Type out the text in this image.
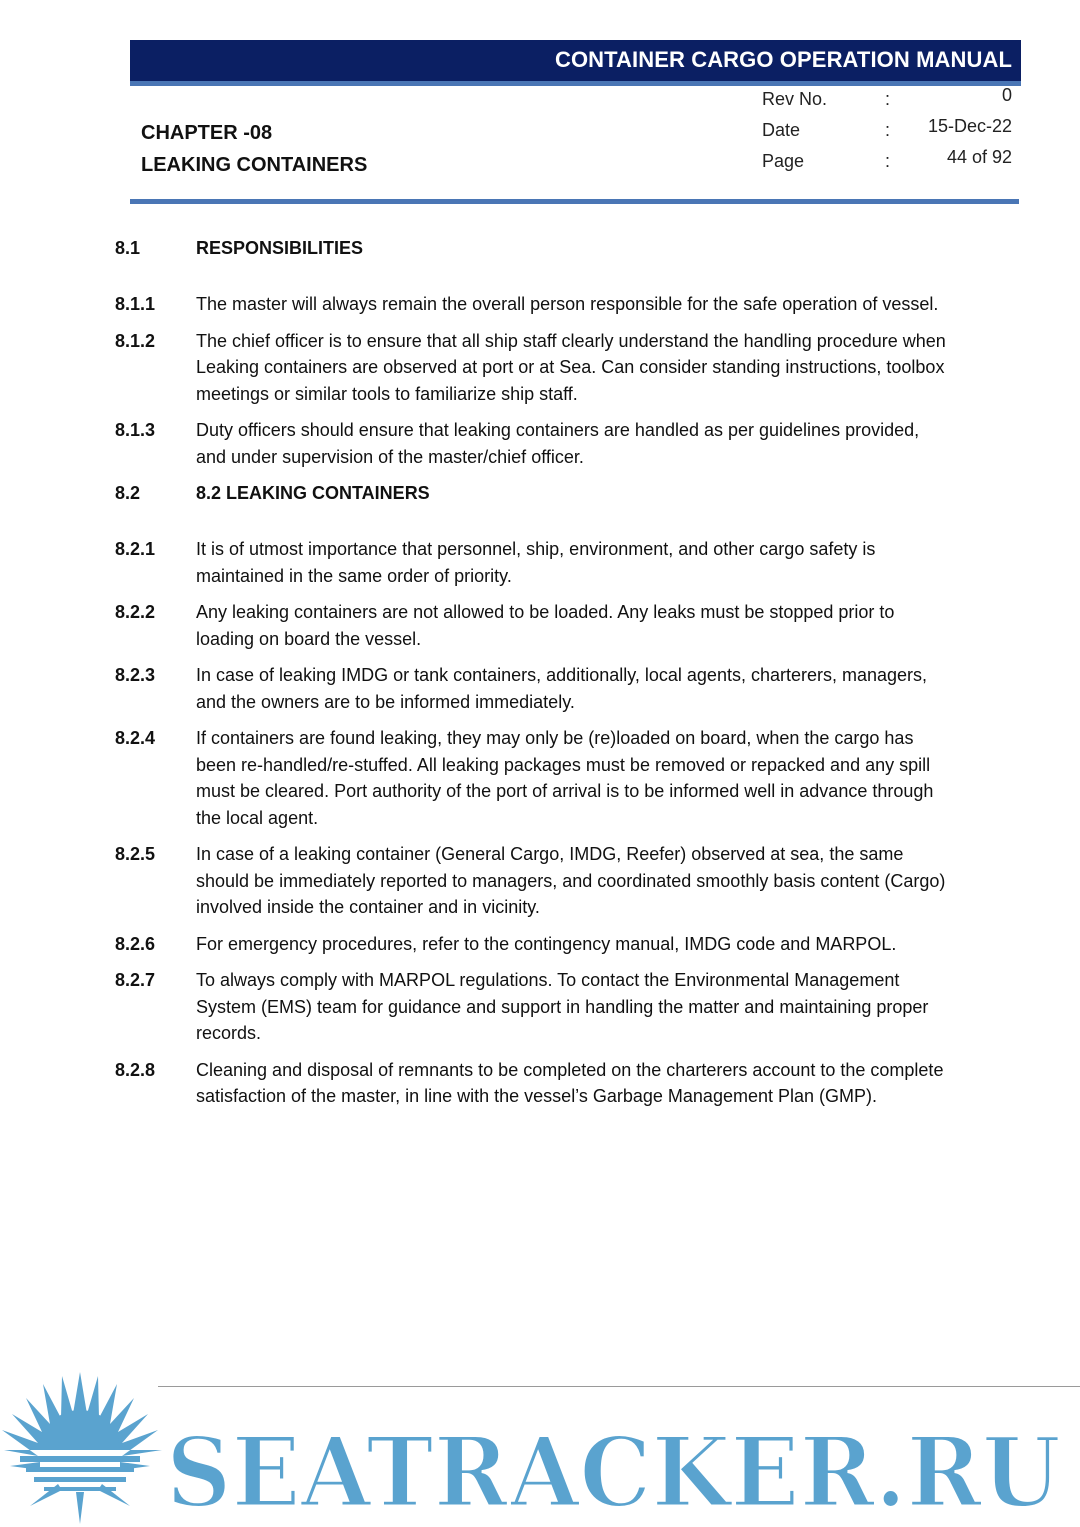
CONTAINER CARGO OPERATION MANUAL
CHAPTER -08
LEAKING CONTAINERS
Rev No.	:	0
Date	: 15-Dec-22
Page	:	44 of 92
8.1	RESPONSIBILITIES
8.1.1	The master will always remain the overall person responsible for the safe operation of vessel.
8.1.2	The chief officer is to ensure that all ship staff clearly understand the handling procedure when Leaking containers are observed at port or at Sea. Can consider standing instructions, toolbox meetings or similar tools to familiarize ship staff.
8.1.3	Duty officers should ensure that leaking containers are handled as per guidelines provided, and under supervision of the master/chief officer.
8.2	8.2 LEAKING CONTAINERS
8.2.1	It is of utmost importance that personnel, ship, environment, and other cargo safety is maintained in the same order of priority.
8.2.2	Any leaking containers are not allowed to be loaded. Any leaks must be stopped prior to loading on board the vessel.
8.2.3	In case of leaking IMDG or tank containers, additionally, local agents, charterers, managers, and the owners are to be informed immediately.
8.2.4	If containers are found leaking, they may only be (re)loaded on board, when the cargo has been re-handled/re-stuffed. All leaking packages must be removed or repacked and any spill must be cleared. Port authority of the port of arrival is to be informed well in advance through the local agent.
8.2.5	In case of a leaking container (General Cargo, IMDG, Reefer) observed at sea, the same should be immediately reported to managers, and coordinated smoothly basis content (Cargo) involved inside the container and in vicinity.
8.2.6	For emergency procedures, refer to the contingency manual, IMDG code and MARPOL.
8.2.7	To always comply with MARPOL regulations. To contact the Environmental Management System (EMS) team for guidance and support in handling the matter and maintaining proper records.
8.2.8	Cleaning and disposal of remnants to be completed on the charterers account to the complete satisfaction of the master, in line with the vessel’s Garbage Management Plan (GMP).
SEATRACKER.RU
